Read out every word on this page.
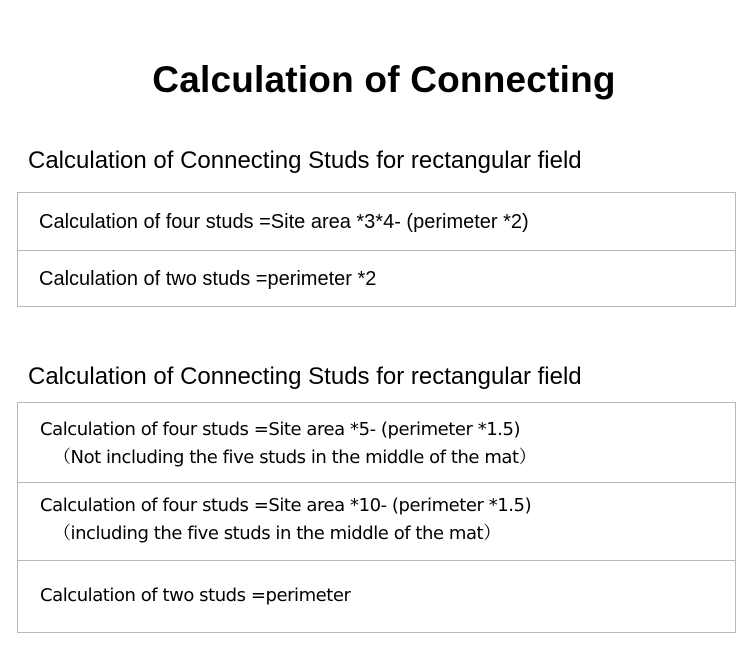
Calculation of Connecting
Calculation of Connecting Studs for rectangular field
Calculation of four studs =Site area *3*4- (perimeter *2)
Calculation of two studs =perimeter *2
Calculation of Connecting Studs for rectangular field
Calculation of four studs =Site area *5- (perimeter *1.5)
（Not including the five studs in the middle of the mat）
Calculation of four studs =Site area *10- (perimeter *1.5)
（including the five studs in the middle of the mat）
Calculation of two studs =perimeter
